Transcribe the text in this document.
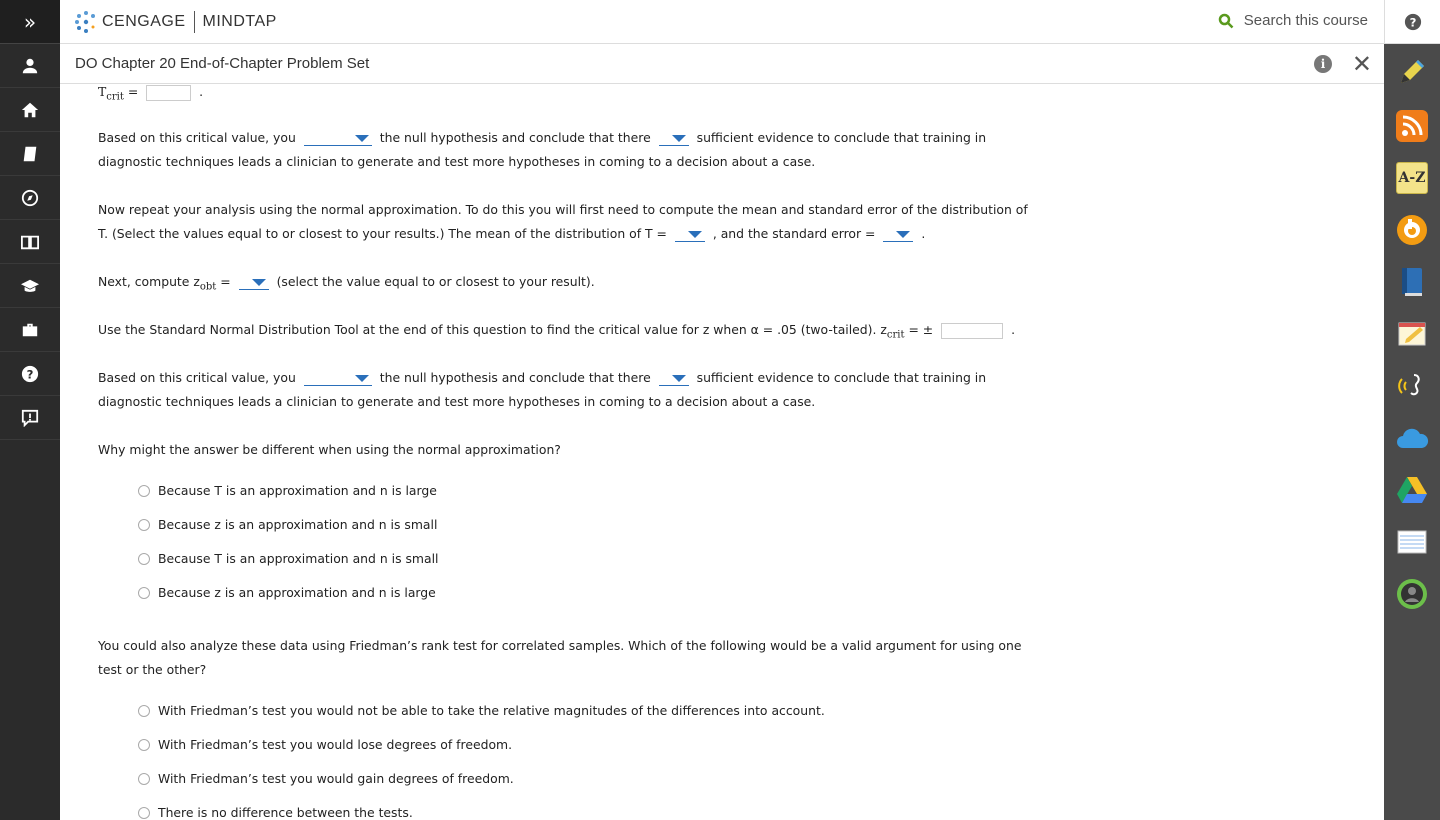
»
?
CENGAGE MINDTAP	Search this course	?
A-Z
DO Chapter 20 End-of-Chapter Problem Set	i ✕
$T_{crit}$ =	.
Based on this critical value, you	the null hypothesis and conclude that there	sufficient evidence to conclude that training in
diagnostic techniques leads a clinician to generate and test more hypotheses in coming to a decision about a case.
Now repeat your analysis using the normal approximation. To do this you will first need to compute the mean and standard error of the distribution of
T. (Select the values equal to or closest to your results.) The mean of the distribution of T =	, and the standard error =	.
Next, compute $z_{obt}$ =	(select the value equal to or closest to your result).
Use the Standard Normal Distribution Tool at the end of this question to find the critical value for z when α = .05 (two-tailed). $z_{crit}$ = ±	.
Based on this critical value, you	the null hypothesis and conclude that there	sufficient evidence to conclude that training in
diagnostic techniques leads a clinician to generate and test more hypotheses in coming to a decision about a case.
Why might the answer be different when using the normal approximation?
Because T is an approximation and n is large
Because z is an approximation and n is small
Because T is an approximation and n is small
Because z is an approximation and n is large
You could also analyze these data using Friedman’s rank test for correlated samples. Which of the following would be a valid argument for using one
test or the other?
With Friedman’s test you would not be able to take the relative magnitudes of the differences into account.
With Friedman’s test you would lose degrees of freedom.
With Friedman’s test you would gain degrees of freedom.
There is no difference between the tests.
